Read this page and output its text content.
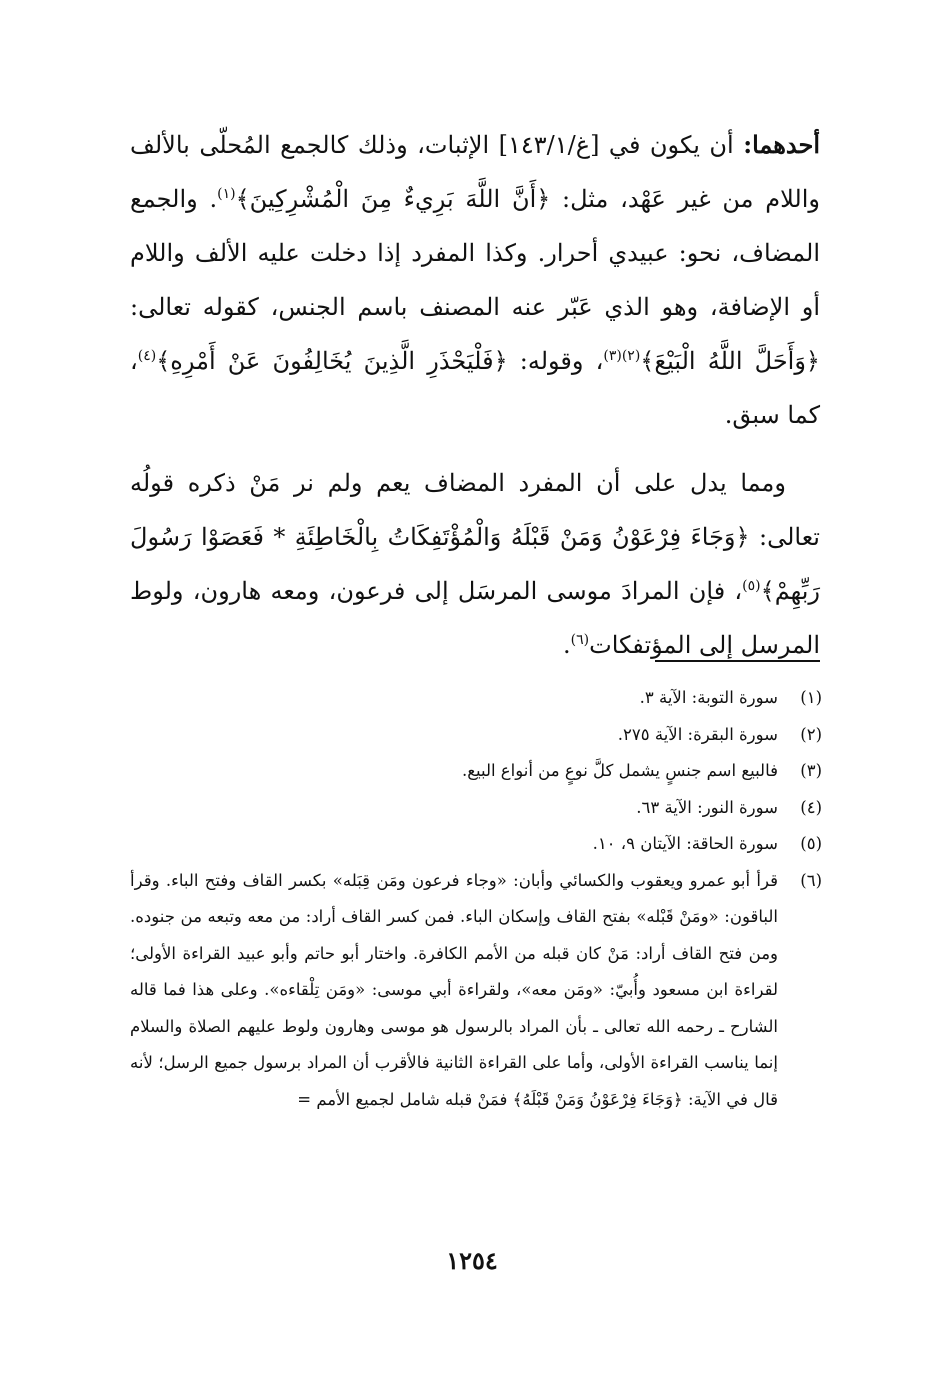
أحدهما: أن يكون في [غ/١٤٣/١] الإثبات، وذلك كالجمع المُحلّى بالألف واللام من غير عَهْد، مثل: ﴿أَنَّ اللَّهَ بَرِيءٌ مِنَ الْمُشْرِكِينَ﴾$^{(١)}$. والجمع المضاف، نحو: عبيدي أحرار. وكذا المفرد إذا دخلت عليه الألف واللام أو الإضافة، وهو الذي عَبّر عنه المصنف باسم الجنس، كقوله تعالى: ﴿وَأَحَلَّ اللَّهُ الْبَيْعَ﴾$^{(٢)(٣)}$، وقوله: ﴿فَلْيَحْذَرِ الَّذِينَ يُخَالِفُونَ عَنْ أَمْرِهِ﴾$^{(٤)}$، كما سبق.

ومما يدل على أن المفرد المضاف يعم ولم نر مَنْ ذكره قولُه تعالى: ﴿وَجَاءَ فِرْعَوْنُ وَمَنْ قَبْلَهُ وَالْمُؤْتَفِكَاتُ بِالْخَاطِئَةِ * فَعَصَوْا رَسُولَ رَبِّهِمْ﴾$^{(٥)}$، فإن المرادَ موسى المرسَل إلى فرعون، ومعه هارون، ولوط المرسل إلى المؤتفكات$^{(٦)}$.

(١)
سورة التوبة: الآية ٣.
(٢)
سورة البقرة: الآية ٢٧٥.
(٣)
فالبيع اسم جنسٍ يشمل كلَّ نوعٍ من أنواع البيع.
(٤)
سورة النور: الآية ٦٣.
(٥)
سورة الحاقة: الآيتان ٩، ١٠.
(٦)
قرأ أبو عمرو ويعقوب والكسائي وأبان: «وجاء فرعون ومَن قِبَله» بكسر القاف وفتح الباء. وقرأ الباقون: «ومَنْ قَبْله» بفتح القاف وإسكان الباء. فمن كسر القاف أراد: من معه وتبعه من جنوده. ومن فتح القاف أراد: مَنْ كان قبله من الأمم الكافرة. واختار أبو حاتم وأبو عبيد القراءة الأولى؛ لقراءة ابن مسعود وأُبيّ: «ومَن معه»، ولقراءة أبي موسى: «ومَن تِلْقاءه». وعلى هذا فما قاله الشارح ـ رحمه الله تعالى ـ بأن المراد بالرسول هو موسى وهارون ولوط عليهم الصلاة والسلام إنما يناسب القراءة الأولى، وأما على القراءة الثانية فالأقرب أن المراد برسول جميع الرسل؛ لأنه قال في الآية: ﴿وَجَاءَ فِرْعَوْنُ وَمَنْ قَبْلَهُ﴾ فمَنْ قبله شامل لجميع الأمم =
١٢٥٤
